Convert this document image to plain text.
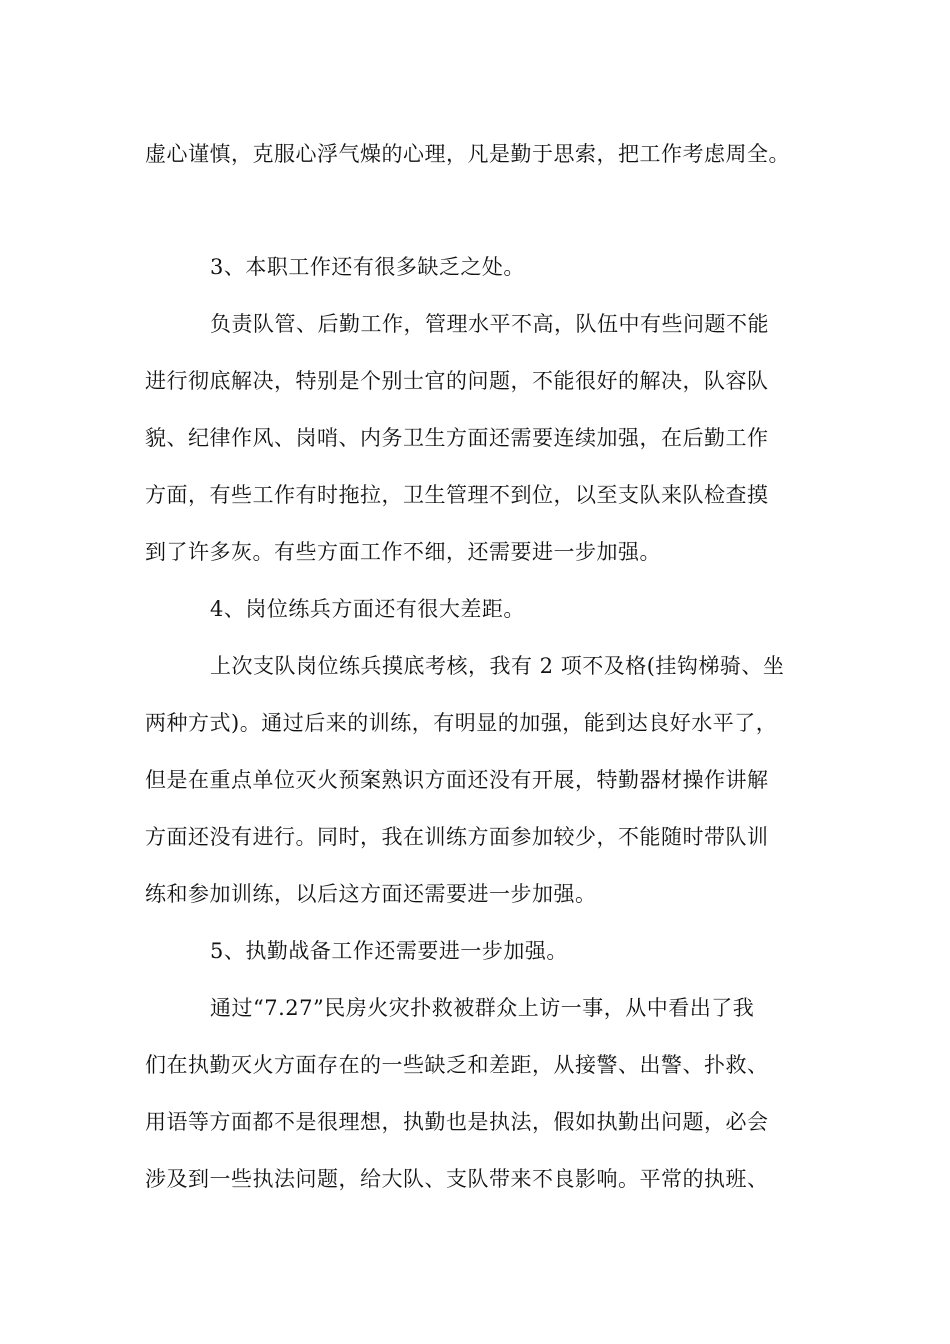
虚心谨慎，克服心浮气燥的心理，凡是勤于思索，把工作考虑周全。
3、本职工作还有很多缺乏之处。
负责队管、后勤工作，管理水平不高，队伍中有些问题不能
进行彻底解决，特别是个别士官的问题，不能很好的解决，队容队
貌、纪律作风、岗哨、内务卫生方面还需要连续加强，在后勤工作
方面，有些工作有时拖拉，卫生管理不到位，以至支队来队检查摸
到了许多灰。有些方面工作不细，还需要进一步加强。
4、岗位练兵方面还有很大差距。
上次支队岗位练兵摸底考核，我有 2 项不及格(挂钩梯骑、坐
两种方式)。通过后来的训练，有明显的加强，能到达良好水平了，
但是在重点单位灭火预案熟识方面还没有开展，特勤器材操作讲解
方面还没有进行。同时，我在训练方面参加较少，不能随时带队训
练和参加训练，以后这方面还需要进一步加强。
5、执勤战备工作还需要进一步加强。
通过“7.27”民房火灾扑救被群众上访一事，从中看出了我
们在执勤灭火方面存在的一些缺乏和差距，从接警、出警、扑救、
用语等方面都不是很理想，执勤也是执法，假如执勤出问题，必会
涉及到一些执法问题，给大队、支队带来不良影响。平常的执班、
